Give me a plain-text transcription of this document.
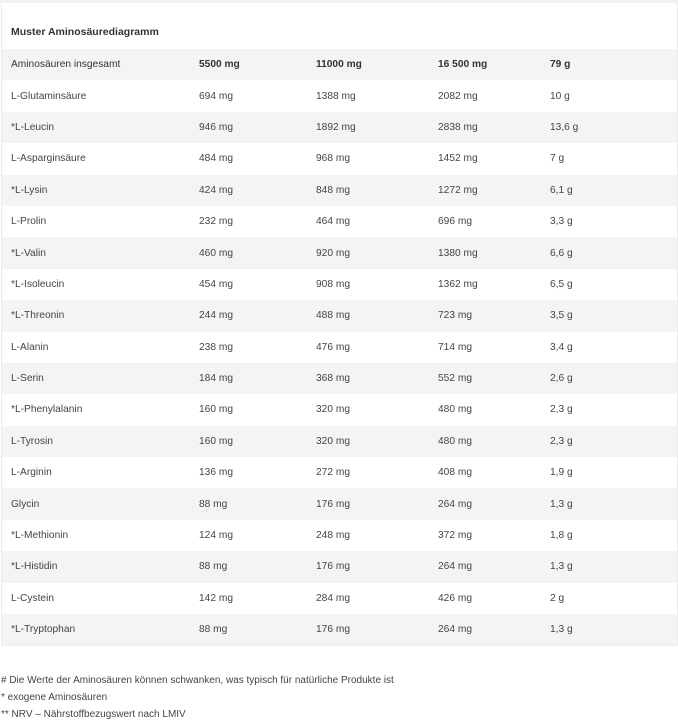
Muster Aminosäurediagramm
Aminosäuren insgesamt	5500 mg	11000 mg	16 500 mg	79 g
L-Glutaminsäure	694 mg	1388 mg	2082 mg	10 g
*L-Leucin	946 mg	1892 mg	2838 mg	13,6 g
L-Asparginsäure	484 mg	968 mg	1452 mg	7 g
*L-Lysin	424 mg	848 mg	1272 mg	6,1 g
L-Prolin	232 mg	464 mg	696 mg	3,3 g
*L-Valin	460 mg	920 mg	1380 mg	6,6 g
*L-Isoleucin	454 mg	908 mg	1362 mg	6,5 g
*L-Threonin	244 mg	488 mg	723 mg	3,5 g
L-Alanin	238 mg	476 mg	714 mg	3,4 g
L-Serin	184 mg	368 mg	552 mg	2,6 g
*L-Phenylalanin	160 mg	320 mg	480 mg	2,3 g
L-Tyrosin	160 mg	320 mg	480 mg	2,3 g
L-Arginin	136 mg	272 mg	408 mg	1,9 g
Glycin	88 mg	176 mg	264 mg	1,3 g
*L-Methionin	124 mg	248 mg	372 mg	1,8 g
*L-Histidin	88 mg	176 mg	264 mg	1,3 g
L-Cystein	142 mg	284 mg	426 mg	2 g
*L-Tryptophan	88 mg	176 mg	264 mg	1,3 g
# Die Werte der Aminosäuren können schwanken, was typisch für natürliche Produkte ist
* exogene Aminosäuren
** NRV – Nährstoffbezugswert nach LMIV
